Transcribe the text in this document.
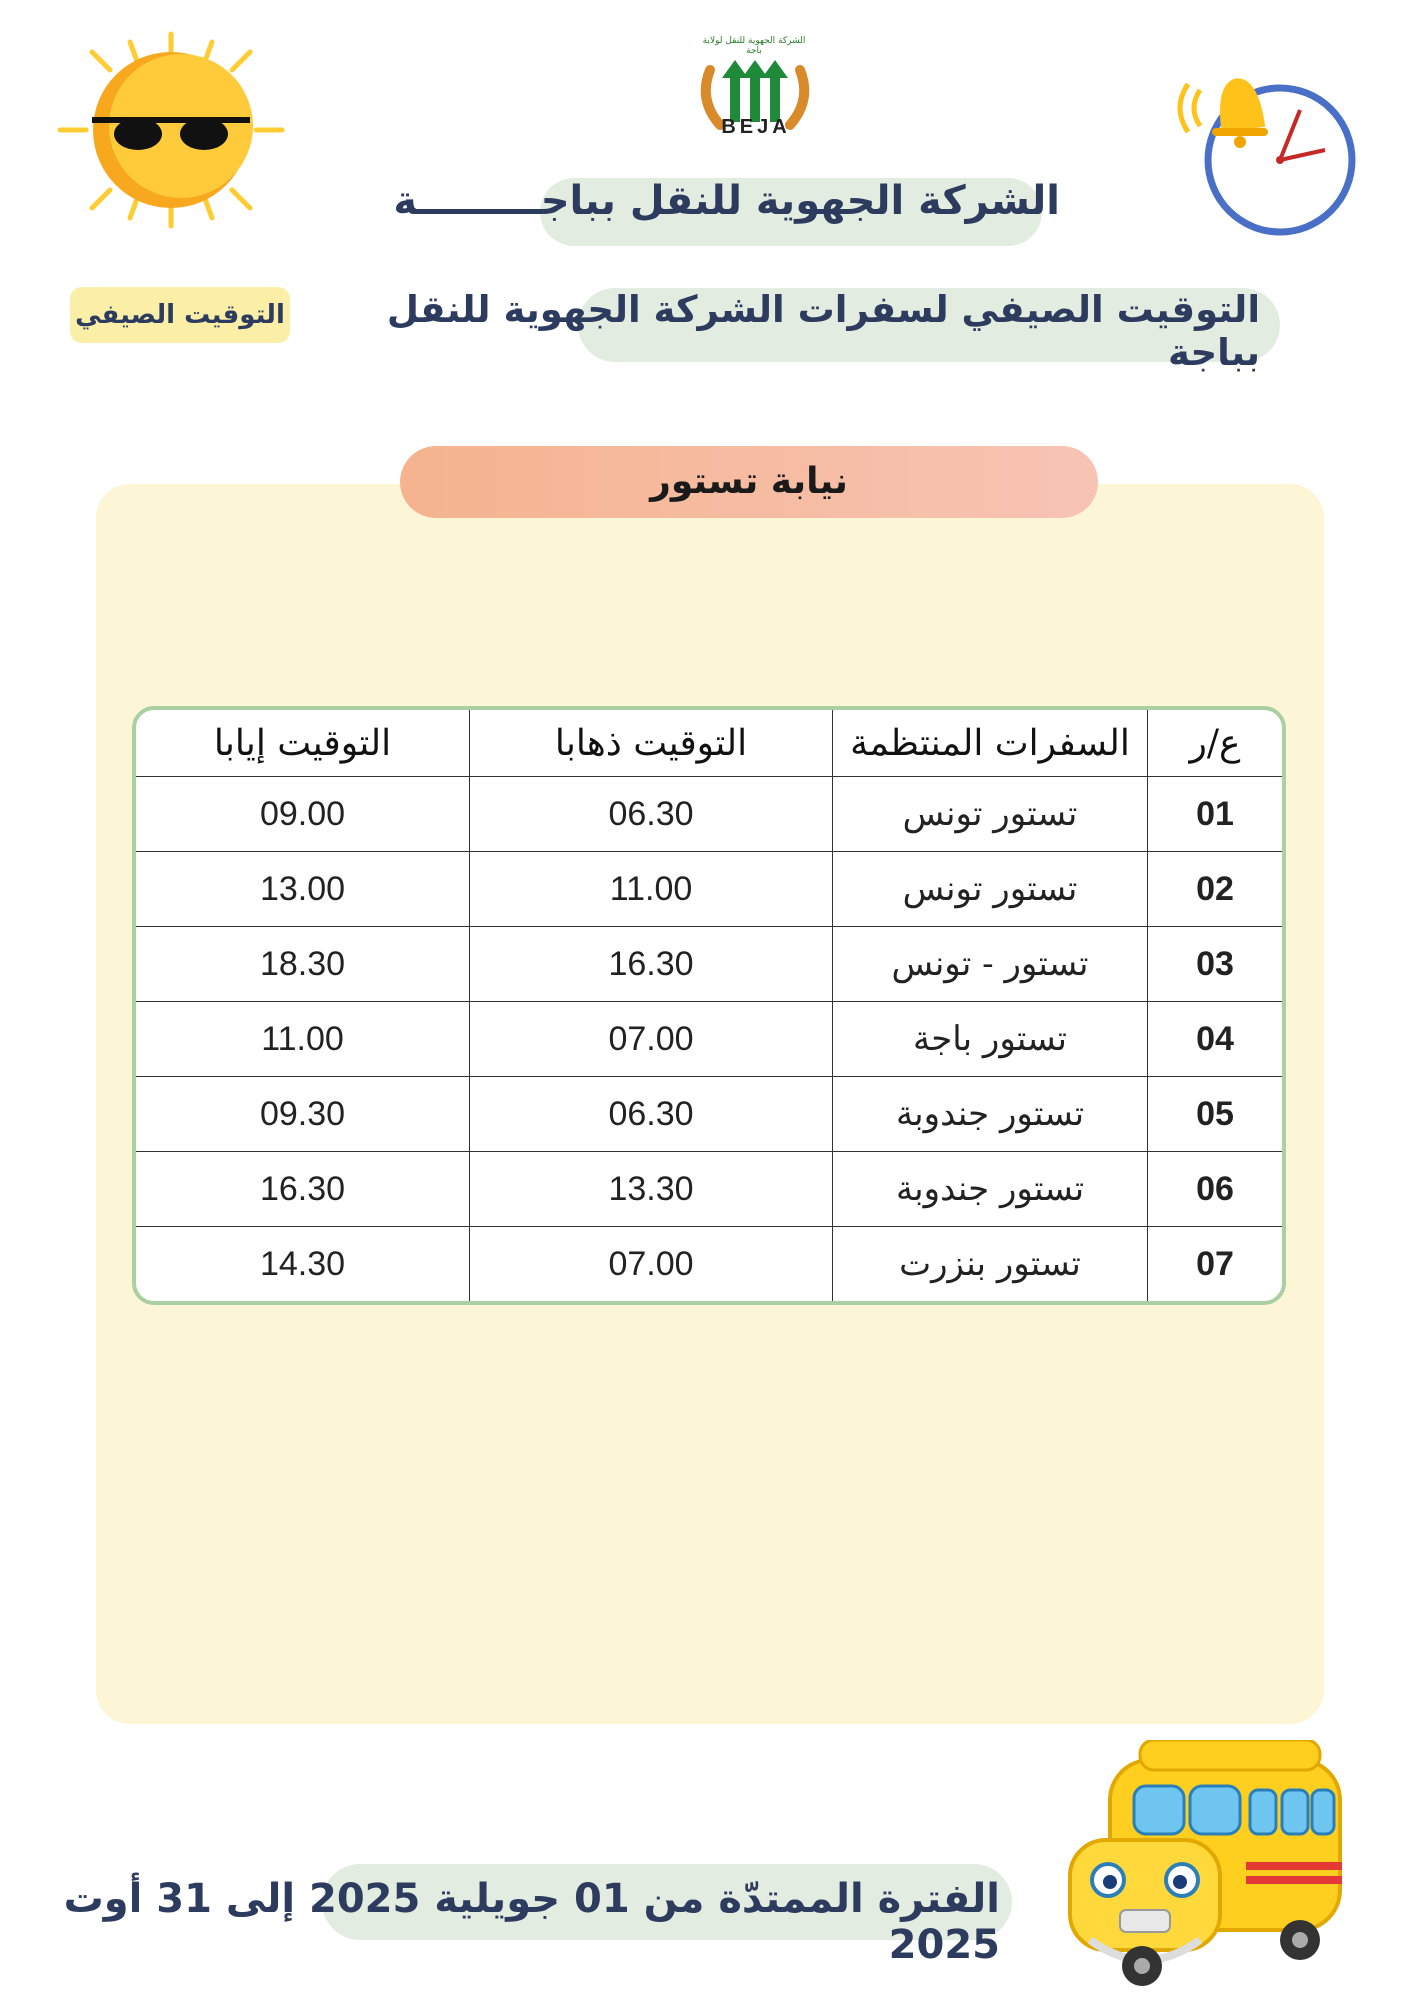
الشركة الجهوية للنقل لولاية باجة
BEJA
الشركة الجهوية للنقل بباجـــــــــة
التوقيت الصيفي لسفرات الشركة الجهوية للنقل بباجة
التوقيت الصيفي
نيابة تستور
ع/ر	السفرات المنتظمة	التوقيت ذهابا	التوقيت إيابا
01	تستور تونس	06.30	09.00
02	تستور تونس	11.00	13.00
03	تستور - تونس	16.30	18.30
04	تستور باجة	07.00	11.00
05	تستور جندوبة	06.30	09.30
06	تستور جندوبة	13.30	16.30
07	تستور بنزرت	07.00	14.30
الفترة الممتدّة من 01 جويلية 2025 إلى 31 أوت 2025
